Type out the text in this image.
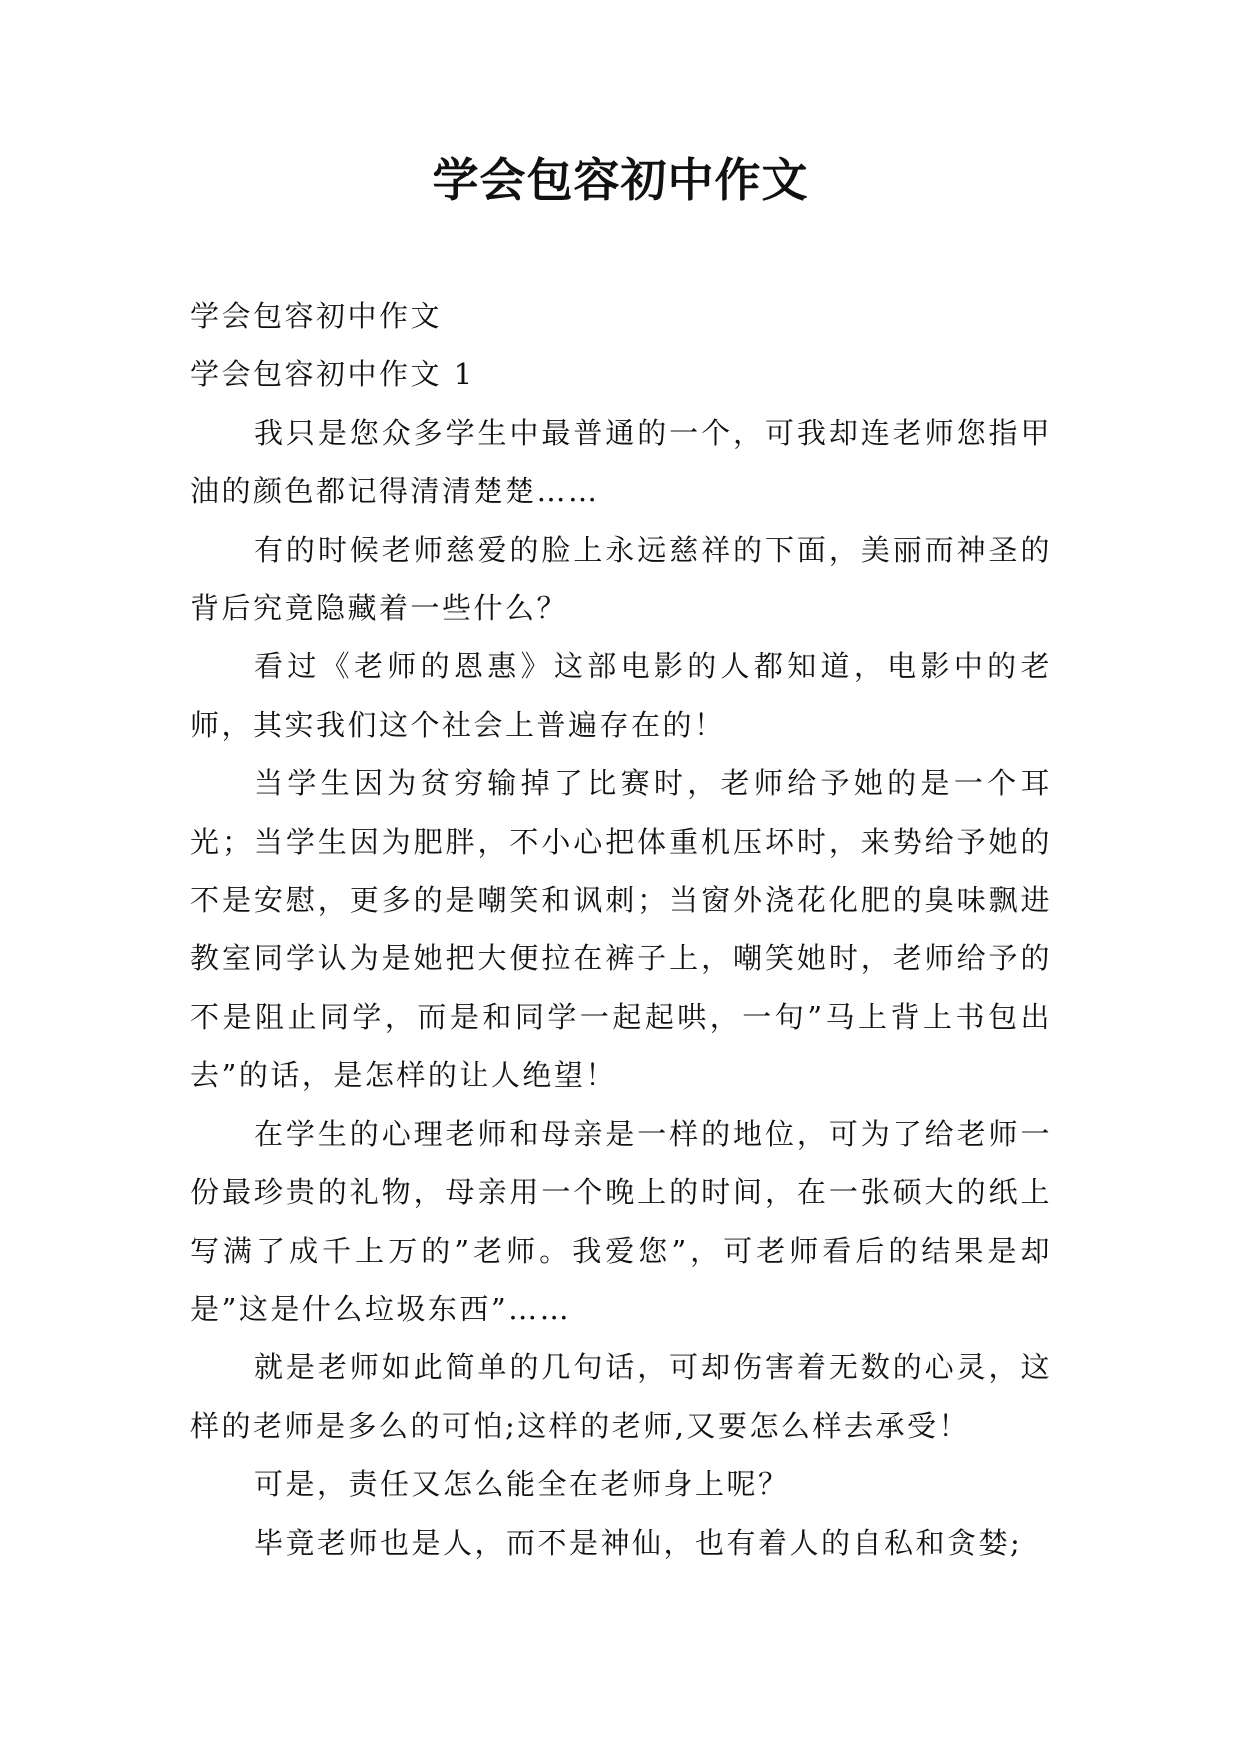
学会包容初中作文

学会包容初中作文

学会包容初中作文 1

我只是您众多学生中最普通的一个，可我却连老师您指甲油的颜色都记得清清楚楚……

有的时候老师慈爱的脸上永远慈祥的下面，美丽而神圣的背后究竟隐藏着一些什么？

看过《老师的恩惠》这部电影的人都知道，电影中的老师，其实我们这个社会上普遍存在的！

当学生因为贫穷输掉了比赛时，老师给予她的是一个耳光；当学生因为肥胖，不小心把体重机压坏时，来势给予她的不是安慰，更多的是嘲笑和讽刺；当窗外浇花化肥的臭味飘进教室同学认为是她把大便拉在裤子上，嘲笑她时，老师给予的不是阻止同学，而是和同学一起起哄，一句”马上背上书包出去”的话，是怎样的让人绝望！

在学生的心理老师和母亲是一样的地位，可为了给老师一份最珍贵的礼物，母亲用一个晚上的时间，在一张硕大的纸上写满了成千上万的”老师。我爱您”，可老师看后的结果是却是”这是什么垃圾东西”……

就是老师如此简单的几句话，可却伤害着无数的心灵，这样的老师是多么的可怕;这样的老师,又要怎么样去承受！

可是，责任又怎么能全在老师身上呢？

毕竟老师也是人，而不是神仙，也有着人的自私和贪婪;
